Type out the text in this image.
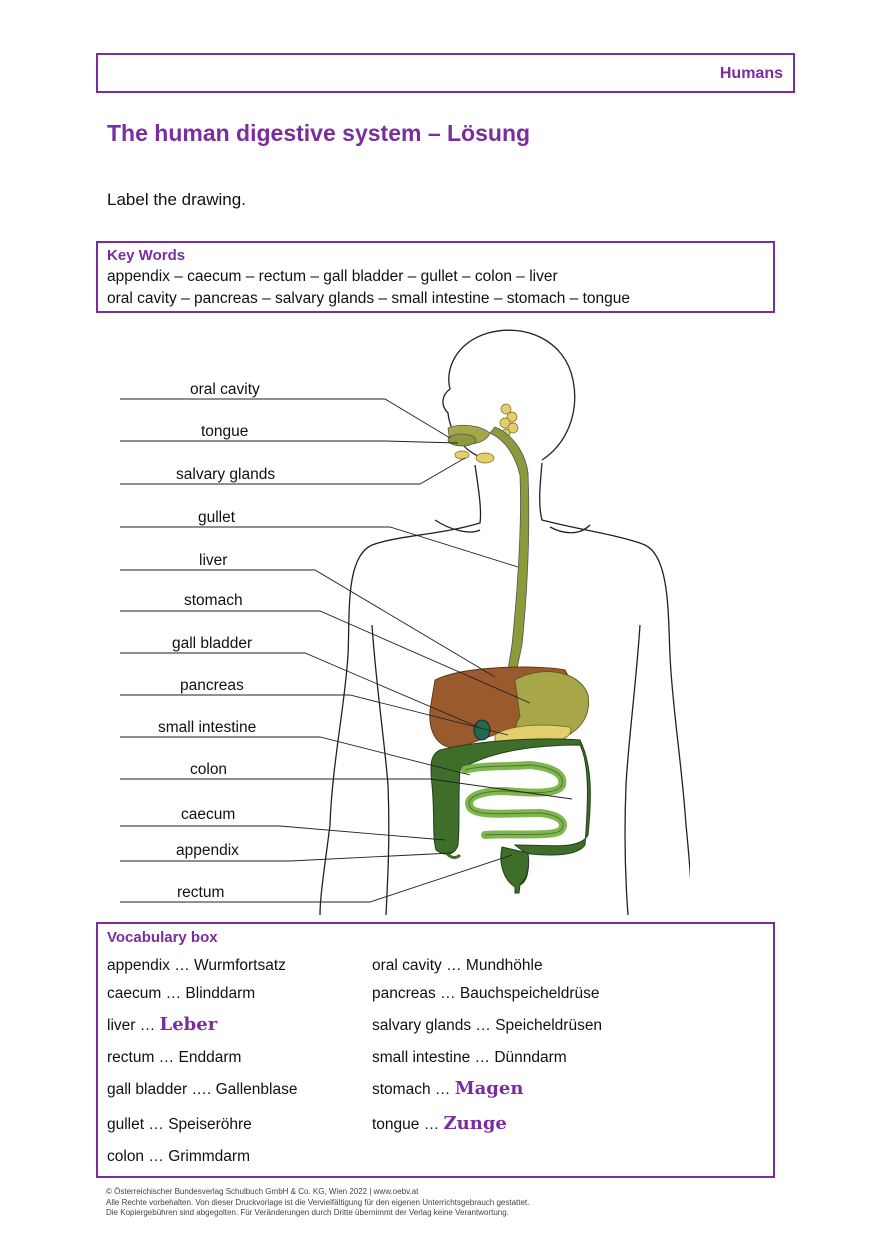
Humans
The human digestive system – Lösung
Label the drawing.
Key Words
appendix – caecum – rectum – gall bladder – gullet – colon – liver
oral cavity – pancreas – salvary glands – small intestine – stomach – tongue
oral cavity
tongue
salvary glands
gullet
liver
stomach
gall bladder
pancreas
small intestine
colon
caecum
appendix
rectum
Vocabulary box
appendix … Wurmfortsatz
caecum … Blinddarm
liver … Leber
rectum … Enddarm
gall bladder …. Gallenblase
gullet … Speiseröhre
colon … Grimmdarm
oral cavity … Mundhöhle
pancreas … Bauchspeicheldrüse
salvary glands … Speicheldrüsen
small intestine … Dünndarm
stomach … Magen
tongue … Zunge
© Österreichischer Bundesverlag Schulbuch GmbH & Co. KG, Wien 2022 | www.oebv.at
Alle Rechte vorbehalten. Von dieser Druckvorlage ist die Vervielfältigung für den eigenen Unterrichtsgebrauch gestattet.
Die Kopiergebühren sind abgegolten. Für Veränderungen durch Dritte übernimmt der Verlag keine Verantwortung.
